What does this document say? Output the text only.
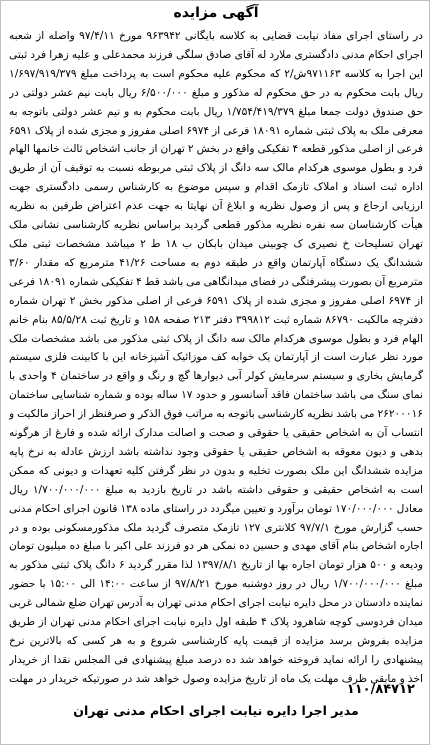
آگهی مزایده
در راستای اجرای مفاد نیابت قضایی به کلاسه بایگانی ۹۶۳۹۴۲ مورخ ۹۷/۴/۱۱ واصله از شعبه اجرای احکام مدنی دادگستری ملارد له آقای صادق سلگی فرزند محمدعلی و علیه زهرا فرد ثبتی این اجرا به کلاسه ۹۷۱۱۶۳ش/۲ که محکوم علیه محکوم است به پرداخت مبلغ ۱/۶۹۷/۹۱۹/۳۷۹ ریال بابت محکوم به در حق محکوم له مذکور و مبلغ ۶/۵۰۰/۰۰۰ ریال بابت نیم عشر دولتی در حق صندوق دولت جمعا مبلغ ۱/۷۵۴/۴۱۹/۳۷۹ ریال بابت محکوم به و نیم عشر دولتی باتوجه به معرفی ملک به پلاک ثبتی شماره ۱۸۰۹۱ فرعی از ۶۹۷۴ اصلی مفروز و مجزی شده از پلاک ۶۵۹۱ فرعی از اصلی مذکور قطعه ۴ تفکیکی واقع در بخش ۲ تهران از جانب اشخاص ثالث خانمها الهام فرد و بطول موسوی هرکدام مالک سه دانگ از پلاک ثبتی مربوطه نسبت به توقیف آن از طریق اداره ثبت اسناد و املاک تازمک اقدام و سپس موضوع به کارشناس رسمی دادگستری جهت ارزیابی ارجاع و پس از وصول نظریه و ابلاغ آن نهایتا به جهت عدم اعتراض طرفین به نظریه هیأت کارشناسان سه نفره نظریه مذکور قطعی گردید براساس نظریه کارشناسی نشانی ملک تهران تسلیحات خ نصیری ک چوبینی میدان بابکان ب ۱۸ ط ۲ میباشد مشخصات ثبتی ملک ششدانگ یک دستگاه آپارتمان واقع در طبقه دوم به مساحت ۴۱/۲۶ مترمربع که مقدار ۳/۶۰ مترمربع آن بصورت پیشرفتگی در فضای میدانگاهی می باشد قط ۴ تفکیکی شماره ۱۸۰۹۱ فرعی از ۶۹۷۴ اصلی مفروز و مجزی شده از پلاک ۶۵۹۱ فرعی از اصلی مذکور بخش ۲ تهران شماره دفترچه مالکیت ۸۶۷۹۰ شماره ثبت ۳۹۹۸۱۲ دفتر ۲۱۳ صفحه ۱۵۸ و تاریخ ثبت ۸۵/۵/۲۸ بنام خانم الهام فرد و بطول موسوی هرکدام مالک سه دانگ از پلاک ثبتی مذکور می باشد مشخصات ملک مورد نظر عبارت است از آپارتمان یک خوابه کف موزائیک آشپزخانه این با کابینت فلزی سیستم گرمایش بخاری و سیستم سرمایش کولر آبی دیوارها گچ و رنگ و واقع در ساختمان ۴ واحدی با نمای سنگ می باشد ساختمان فاقد آسانسور و حدود ۱۷ ساله بوده و شماره شناسایی ساختمان ۲۶۲۰۰۰۱۶ می باشد نظریه کارشناسی باتوجه به مراتب فوق الذکر و صرفنظر از احراز مالکیت و انتساب آن به اشخاص حقیقی یا حقوقی و صحت و اصالت مدارک ارائه شده و فارغ از هرگونه بدهی و دیون معوقه به اشخاص حقیقی یا حقوقی وجود نداشته باشد ارزش عادله به نرخ پایه مزایده ششدانگ این ملک بصورت تخلیه و بدون در نظر گرفتن کلیه تعهدات و دیونی که ممکن است به اشخاص حقیقی و حقوقی داشته باشد در تاریخ بازدید به مبلغ ۱/۷۰۰/۰۰۰/۰۰۰ ریال معادل ۱۷۰/۰۰۰/۰۰۰ تومان برآورد و تعیین میگردد در راستای ماده ۱۳۸ قانون اجرای احکام مدنی حسب گزارش مورخ ۹۷/۷/۱ کلانتری ۱۲۷ تازمک متصرف گردید ملک مذکورمسکونی بوده و در اجاره اشخاص بنام آقای مهدی و حسین ده نمکی هر دو فرزند علی اکبر با مبلغ ده میلیون تومان ودیعه و ۵۰۰ هزار تومان اجاره بها از تاریخ ۱۳۹۷/۸/۱ لذا مقرر گردید ۶ دانگ پلاک ثبتی مذکور به مبلغ ۱/۷۰۰/۰۰۰/۰۰۰ ریال در روز دوشنبه مورخ ۹۷/۸/۲۱ از ساعت ۱۴:۰۰ الی ۱۵:۰۰ با حضور نماینده دادستان در محل دایره نیابت اجرای احکام مدنی تهران به آدرس تهران ضلع شمالی غربی میدان فردوسی کوچه شاهرود پلاک ۴ طبقه اول دایره نیابت اجرای احکام مدنی تهران از طریق مزایده بفروش برسد مزایده از قیمت پایه کارشناسی شروع و به هر کسی که بالاترین نرخ پیشنهادی را ارائه نماید فروخته خواهد شد ده درصد مبلغ پیشنهادی فی المجلس نقدا از خریدار اخذ و مابقی ظرف مهلت یک ماه از تاریخ مزایده وصول خواهد شد در صورتیکه خریدار در مهلت
۱۱۰/۸۴۷۱۲
مدیر اجرا دایره نیابت اجرای احکام مدنی تهران
